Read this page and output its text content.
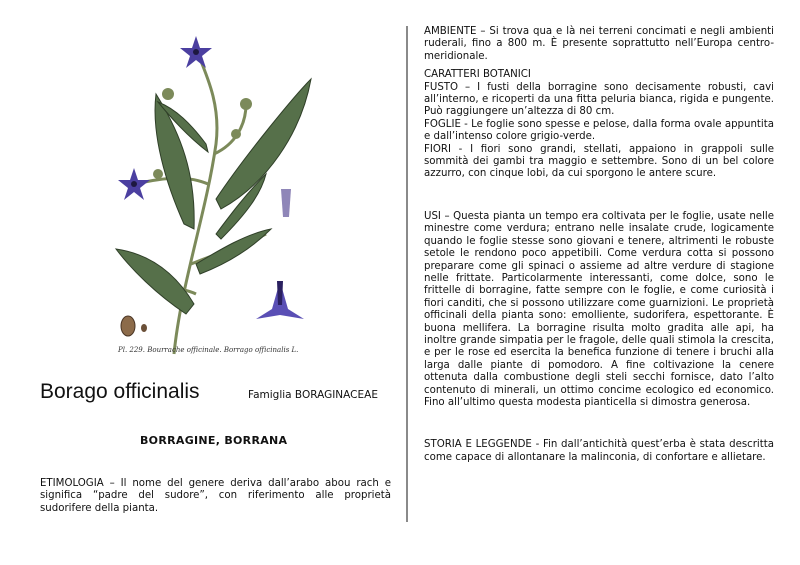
Pl. 229. Bourrache officinale. Borrago officinalis L.
Borago officinalis	Famiglia BORAGINACEAE
BORRAGINE, BORRANA

ETIMOLOGIA – Il nome del genere deriva dall’arabo abou rach e significa “padre del sudore”, con riferimento alle proprietà sudorifere della pianta.

AMBIENTE – Si trova qua e là nei terreni concimati e negli ambienti ruderali, fino a 800 m. È presente soprattutto nell’Europa centro-meridionale.

CARATTERI BOTANICI

FUSTO – I fusti della borragine sono decisamente robusti, cavi all’interno, e ricoperti da una fitta peluria bianca, rigida e pungente. Può raggiungere un’altezza di 80 cm.

FOGLIE - Le foglie sono spesse e pelose, dalla forma ovale appuntita e dall’intenso colore grigio-verde.

FIORI - I fiori sono grandi, stellati, appaiono in grappoli sulle sommità dei gambi tra maggio e settembre. Sono di un bel colore azzurro, con cinque lobi, da cui sporgono le antere scure.

USI – Questa pianta un tempo era coltivata per le foglie, usate nelle minestre come verdura; entrano nelle insalate crude, logicamente quando le foglie stesse sono giovani e tenere, altrimenti le robuste setole le rendono poco appetibili. Come verdura cotta si possono preparare come gli spinaci o assieme ad altre verdure di stagione nelle frittate. Particolarmente interessanti, come dolce, sono le frittelle di borragine, fatte sempre con le foglie, e come curiosità i fiori canditi, che si possono utilizzare come guarnizioni. Le proprietà officinali della pianta sono: emolliente, sudorifera, espettorante. È buona mellifera. La borragine risulta molto gradita alle api, ha inoltre grande simpatia per le fragole, delle quali stimola la crescita, e per le rose ed esercita la benefica funzione di tenere i bruchi alla larga dalle piante di pomodoro. A fine coltivazione la cenere ottenuta dalla combustione degli steli secchi fornisce, dato l’alto contenuto di minerali, un ottimo concime ecologico ed economico. Fino all’ultimo questa modesta pianticella si dimostra generosa.

STORIA E LEGGENDE - Fin dall’antichità quest’erba è stata descritta come capace di allontanare la malinconia, di confortare e allietare.
